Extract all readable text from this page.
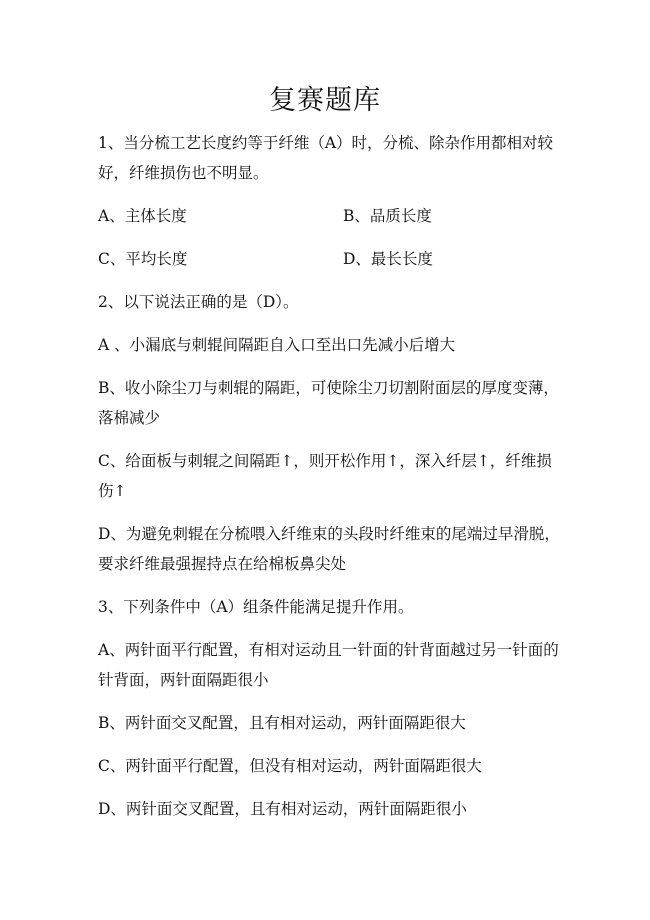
复赛题库
1、当分梳工艺长度约等于纤维（A）时，分梳、除杂作用都相对较好，纤维损伤也不明显。
A、主体长度	B、品质长度
C、平均长度	D、最长长度
2、以下说法正确的是（D）。
A 、小漏底与刺辊间隔距自入口至出口先减小后增大
B、收小除尘刀与刺辊的隔距，可使除尘刀切割附面层的厚度变薄，落棉减少
C、给面板与刺辊之间隔距↑，则开松作用↑，深入纤层↑，纤维损伤↑
D、为避免刺辊在分梳喂入纤维束的头段时纤维束的尾端过早滑脱，要求纤维最强握持点在给棉板鼻尖处
3、下列条件中（A）组条件能满足提升作用。
A、两针面平行配置，有相对运动且一针面的针背面越过另一针面的针背面，两针面隔距很小
B、两针面交叉配置，且有相对运动，两针面隔距很大
C、两针面平行配置，但没有相对运动，两针面隔距很大
D、两针面交叉配置，且有相对运动，两针面隔距很小
